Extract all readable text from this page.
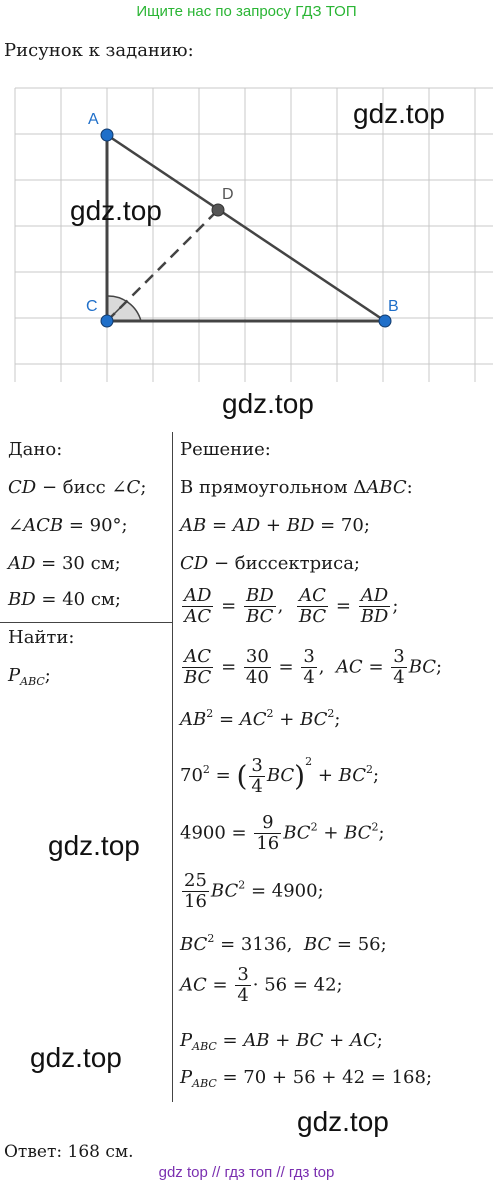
Ищите нас по запросу ГДЗ ТОП
Рисунок к заданию:
A
B
C
D
gdz.top
gdz.top
gdz.top
gdz.top
gdz.top
gdz.top
Дано:
CD − бисс ∠C;
∠ACB = 90°;
AD = 30 см;
BD = 40 см;
Найти:
$P_{ABC}$;
Решение:
В прямоугольном ΔABC:
AB = AD + BD = 70;
CD − биссектриса;
$\frac{AD}{AC} = \frac{BD}{BC}$ , $\frac{AC}{BC} = \frac{AD}{BD}$ ;
$\frac{AC}{BC} = \frac{30}{40} = \frac{3}{4}$ ,  AC = $\frac{3}{4}$ BC;
$AB^2 = AC^2 + BC^2$;
$70^2$ = ( $\frac{3}{4} BC)^2 + BC^2$;
$4900 = \frac{9}{16} BC^2 + BC^2$;
$\frac{25}{16} BC^2 = 4900$;
$BC^2 = 3136$,  BC = 56;
AC = $\frac{3}{4} \cdot 56 = 42$;
$P_{ABC}$ = AB + BC + AC;
$P_{ABC} = 70 + 56 + 42 = 168$;
Ответ: 168 см.
gdz top // гдз топ // гдз top
